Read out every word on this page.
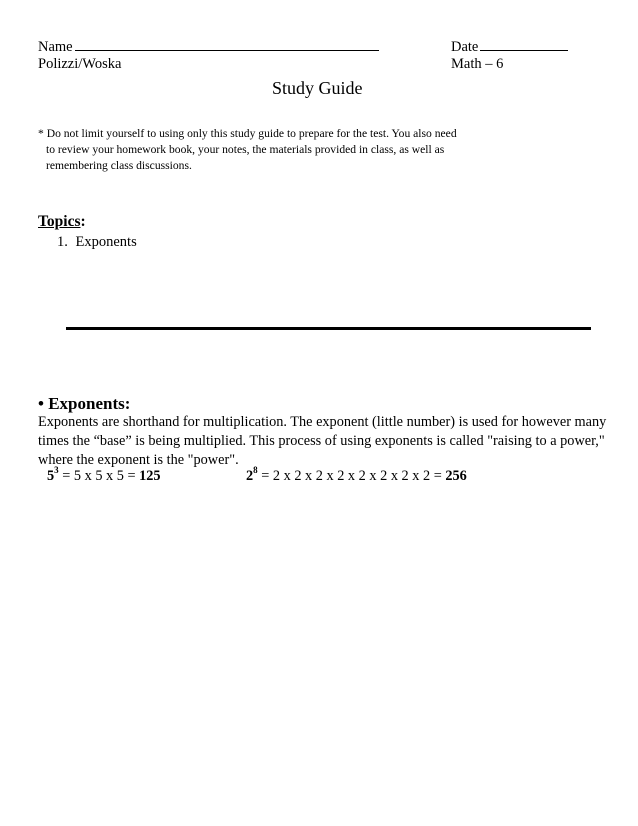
Name	Date
Polizzi/Woska	Math – 6
Study Guide
* Do not limit yourself to using only this study guide to prepare for the test. You also need
to review your homework book, your notes, the materials provided in class, as well as
remembering class discussions.
Topics:
1. Exponents
• Exponents:
Exponents are shorthand for multiplication. The exponent (little number) is used for however many times the “base” is being multiplied. This process of using exponents is called "raising to a power," where the exponent is the "power".
$5^3 = 5$ x 5 x 5 = 125	$2^8 = 2$ x 2 x 2 x 2 x 2 x 2 x 2 x 2 = 256
